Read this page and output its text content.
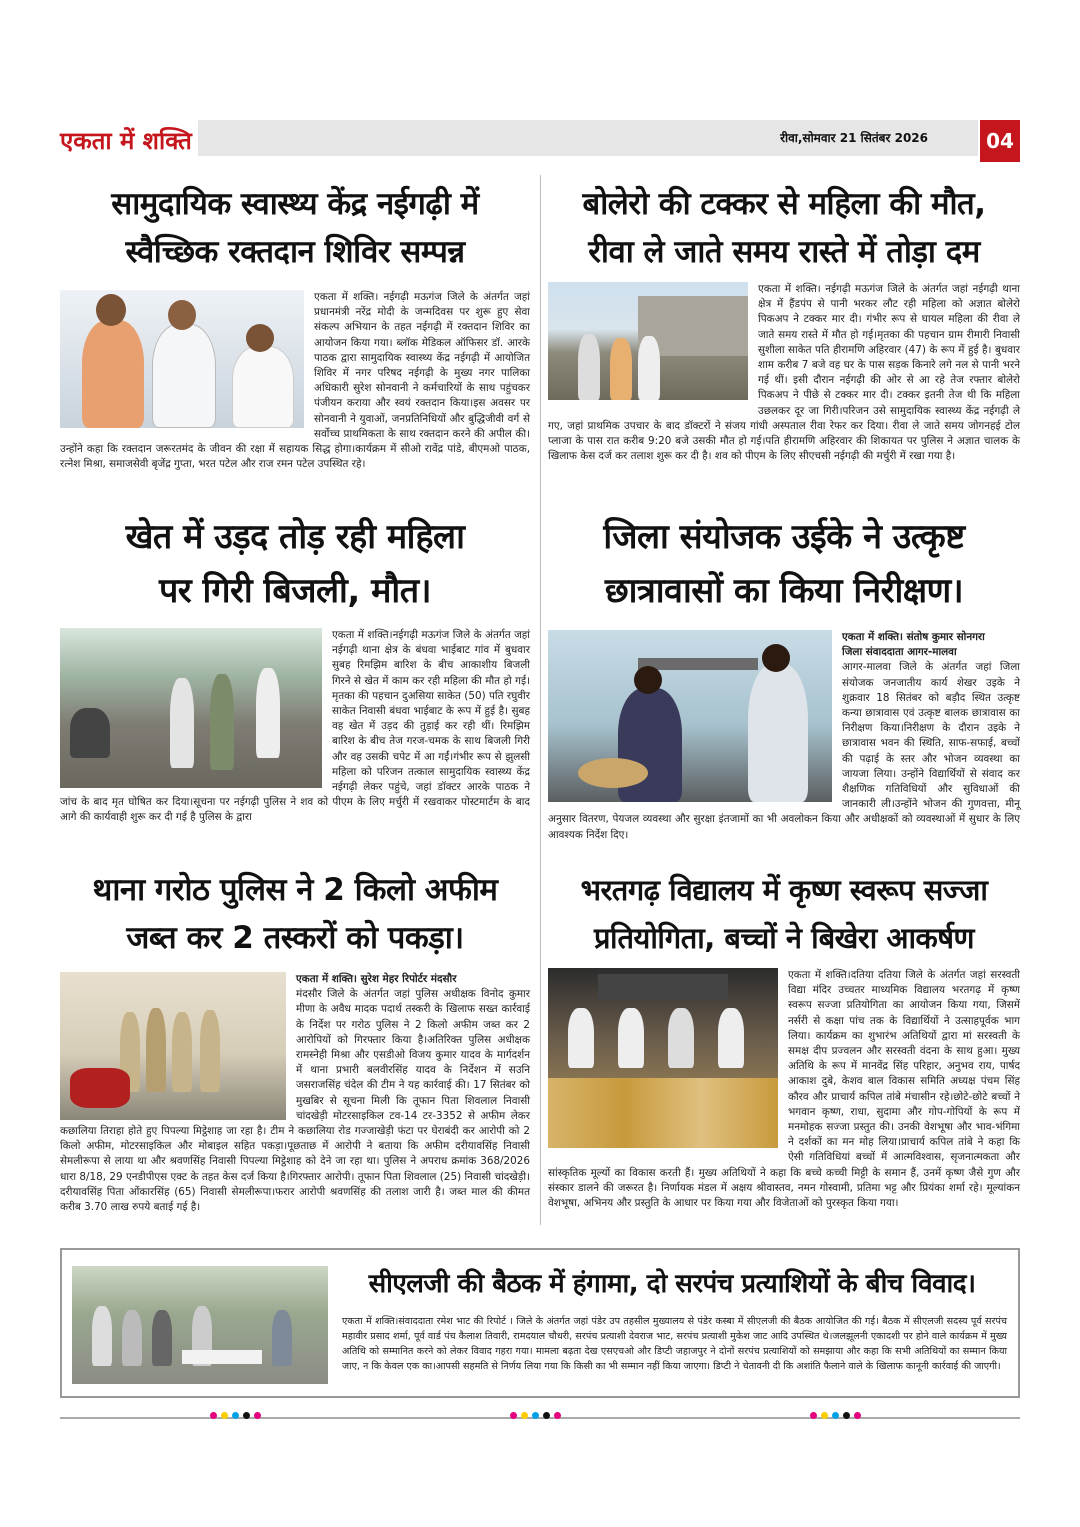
एकता में शक्ति	रीवा,सोमवार 21 सितंबर 2026	04
सामुदायिक स्वास्थ्य केंद्र नईगढ़ी में
स्वैच्छिक रक्तदान शिविर सम्पन्न
एकता में शक्ति। नईगढ़ी मऊगंज जिले के अंतर्गत जहां प्रधानमंत्री नरेंद्र मोदी के जन्मदिवस पर शुरू हुए सेवा संकल्प अभियान के तहत नईगढ़ी में रक्तदान शिविर का आयोजन किया गया। ब्लॉक मेडिकल ऑफिसर डॉ. आरके पाठक द्वारा सामुदायिक स्वास्थ्य केंद्र नईगढ़ी में आयोजित शिविर में नगर परिषद नईगढ़ी के मुख्य नगर पालिका अधिकारी सुरेश सोनवानी ने कर्मचारियों के साथ पहुंचकर पंजीयन कराया और स्वयं रक्तदान किया।इस अवसर पर सोनवानी ने युवाओं, जनप्रतिनिधियों और बुद्धिजीवी वर्ग से सर्वोच्च प्राथमिकता के साथ रक्तदान करने की अपील की। उन्होंने कहा कि रक्तदान जरूरतमंद के जीवन की रक्षा में सहायक सिद्ध होगा।कार्यक्रम में सीओ रावेंद्र पांडे, बीएमओ पाठक, रत्नेश मिश्रा, समाजसेवी बृजेंद्र गुप्ता, भरत पटेल और राज रमन पटेल उपस्थित रहे।
बोलेरो की टक्कर से महिला की मौत,
रीवा ले जाते समय रास्ते में तोड़ा दम
एकता में शक्ति। नईगढ़ी मऊगंज जिले के अंतर्गत जहां नईगढ़ी थाना क्षेत्र में हैंडपंप से पानी भरकर लौट रही महिला को अज्ञात बोलेरो पिकअप ने टक्कर मार दी। गंभीर रूप से घायल महिला की रीवा ले जाते समय रास्ते में मौत हो गई।मृतका की पहचान ग्राम रीमारी निवासी सुशीला साकेत पति हीरामणि अहिरवार (47) के रूप में हुई है। बुधवार शाम करीब 7 बजे वह घर के पास सड़क किनारे लगे नल से पानी भरने गई थीं। इसी दौरान नईगढ़ी की ओर से आ रहे तेज रफ्तार बोलेरो पिकअप ने पीछे से टक्कर मार दी। टक्कर इतनी तेज थी कि महिला उछलकर दूर जा गिरी।परिजन उसे सामुदायिक स्वास्थ्य केंद्र नईगढ़ी ले गए, जहां प्राथमिक उपचार के बाद डॉक्टरों ने संजय गांधी अस्पताल रीवा रेफर कर दिया। रीवा ले जाते समय जोगनहई टोल प्लाजा के पास रात करीब 9:20 बजे उसकी मौत हो गई।पति हीरामणि अहिरवार की शिकायत पर पुलिस ने अज्ञात चालक के खिलाफ केस दर्ज कर तलाश शुरू कर दी है। शव को पीएम के लिए सीएचसी नईगढ़ी की मर्चुरी में रखा गया है।
खेत में उड़द तोड़ रही महिला
पर गिरी बिजली, मौत।
एकता में शक्ति।नईगढ़ी मऊगंज जिले के अंतर्गत जहां नईगढ़ी थाना क्षेत्र के बंधवा भाईबाट गांव में बुधवार सुबह रिमझिम बारिश के बीच आकाशीय बिजली गिरने से खेत में काम कर रही महिला की मौत हो गई। मृतका की पहचान दुअसिया साकेत (50) पति रघुवीर साकेत निवासी बंधवा भाईबाट के रूप में हुई है। सुबह वह खेत में उड़द की तुड़ाई कर रही थीं। रिमझिम बारिश के बीच तेज गरज-चमक के साथ बिजली गिरी और वह उसकी चपेट में आ गईं।गंभीर रूप से झुलसी महिला को परिजन तत्काल सामुदायिक स्वास्थ्य केंद्र नईगढ़ी लेकर पहुंचे, जहां डॉक्टर आरके पाठक ने जांच के बाद मृत घोषित कर दिया।सूचना पर नईगढ़ी पुलिस ने शव को पीएम के लिए मर्चुरी में रखवाकर पोस्टमार्टम के बाद आगे की कार्यवाही शुरू कर दी गई है पुलिस के द्वारा
जिला संयोजक उईके ने उत्कृष्ट
छात्रावासों का किया निरीक्षण।
एकता में शक्ति। संतोष कुमार सोनगरा
जिला संवाददाता आगर-मालवा
आगर-मालवा जिले के अंतर्गत जहां जिला संयोजक जनजातीय कार्य शेखर उइके ने शुक्रवार 18 सितंबर को बड़ौद स्थित उत्कृष्ट कन्या छात्रावास एवं उत्कृष्ट बालक छात्रावास का निरीक्षण किया।निरीक्षण के दौरान उइके ने छात्रावास भवन की स्थिति, साफ-सफाई, बच्चों की पढ़ाई के स्तर और भोजन व्यवस्था का जायजा लिया। उन्होंने विद्यार्थियों से संवाद कर शैक्षणिक गतिविधियों और सुविधाओं की जानकारी ली।उन्होंने भोजन की गुणवत्ता, मीनू अनुसार वितरण, पेयजल व्यवस्था और सुरक्षा इंतजामों का भी अवलोकन किया और अधीक्षकों को व्यवस्थाओं में सुधार के लिए आवश्यक निर्देश दिए।
थाना गरोठ पुलिस ने 2 किलो अफीम
जब्त कर 2 तस्करों को पकड़ा।
एकता में शक्ति। सुरेश मेहर रिपोर्टर मंदसौर
मंदसौर जिले के अंतर्गत जहां पुलिस अधीक्षक विनोद कुमार मीणा के अवैध मादक पदार्थ तस्करी के खिलाफ सख्त कार्रवाई के निर्देश पर गरोठ पुलिस ने 2 किलो अफीम जब्त कर 2 आरोपियों को गिरफ्तार किया है।अतिरिक्त पुलिस अधीक्षक रामस्नेही मिश्रा और एसडीओ विजय कुमार यादव के मार्गदर्शन में थाना प्रभारी बलवीरसिंह यादव के निर्देशन में सउनि जसराजसिंह चंदेल की टीम ने यह कार्रवाई की। 17 सितंबर को मुखबिर से सूचना मिली कि तूफान पिता शिवलाल निवासी चांदखेड़ी मोटरसाइकिल टव-14 टर-3352 से अफीम लेकर कछालिया तिराहा होते हुए पिपल्या मिट्ठेशाह जा रहा है। टीम ने कछालिया रोड गज्जाखेड़ी फंटा पर घेराबंदी कर आरोपी को 2 किलो अफीम, मोटरसाइकिल और मोबाइल सहित पकड़ा।पूछताछ में आरोपी ने बताया कि अफीम दरीयावसिंह निवासी सेमलीरूपा से लाया था और श्रवणसिंह निवासी पिपल्या मिट्ठेशाह को देने जा रहा था। पुलिस ने अपराध क्रमांक 368/2026 धारा 8/18, 29 एनडीपीएस एक्ट के तहत केस दर्ज किया है।गिरफ्तार आरोपी। तूफान पिता शिवलाल (25) निवासी चांदखेड़ी।दरीयावसिंह पिता ओंकारसिंह (65) निवासी सेमलीरूपा।फरार आरोपी श्रवणसिंह की तलाश जारी है। जब्त माल की कीमत करीब 3.70 लाख रुपये बताई गई है।
भरतगढ़ विद्यालय में कृष्ण स्वरूप सज्जा
प्रतियोगिता, बच्चों ने बिखेरा आकर्षण
एकता में शक्ति।दतिया दतिया जिले के अंतर्गत जहां सरस्वती विद्या मंदिर उच्चतर माध्यमिक विद्यालय भरतगढ़ में कृष्ण स्वरूप सज्जा प्रतियोगिता का आयोजन किया गया, जिसमें नर्सरी से कक्षा पांच तक के विद्यार्थियों ने उत्साहपूर्वक भाग लिया। कार्यक्रम का शुभारंभ अतिथियों द्वारा मां सरस्वती के समक्ष दीप प्रज्वलन और सरस्वती वंदना के साथ हुआ। मुख्य अतिथि के रूप में मानवेंद्र सिंह परिहार, अनुभव राय, पार्षद आकाश दुबे, केशव बाल विकास समिति अध्यक्ष पंचम सिंह कौरव और प्राचार्य कपिल तांबे मंचासीन रहे।छोटे-छोटे बच्चों ने भगवान कृष्ण, राधा, सुदामा और गोप-गोपियों के रूप में मनमोहक सज्जा प्रस्तुत की। उनकी वेशभूषा और भाव-भंगिमा ने दर्शकों का मन मोह लिया।प्राचार्य कपिल तांबे ने कहा कि ऐसी गतिविधियां बच्चों में आत्मविश्वास, सृजनात्मकता और सांस्कृतिक मूल्यों का विकास करती हैं। मुख्य अतिथियों ने कहा कि बच्चे कच्ची मिट्टी के समान हैं, उनमें कृष्ण जैसे गुण और संस्कार डालने की जरूरत है। निर्णायक मंडल में अक्षय श्रीवास्तव, नमन गोस्वामी, प्रतिमा भट्ट और प्रियंका शर्मा रहे। मूल्यांकन वेशभूषा, अभिनय और प्रस्तुति के आधार पर किया गया और विजेताओं को पुरस्कृत किया गया।
सीएलजी की बैठक में हंगामा, दो सरपंच प्रत्याशियों के बीच विवाद।
एकता में शक्ति।संवाददाता रमेश भाट की रिपोर्ट । जिले के अंतर्गत जहां पंडेर उप तहसील मुख्यालय से पंडेर कस्बा में सीएलजी की बैठक आयोजित की गई। बैठक में सीएलजी सदस्य पूर्व सरपंच महावीर प्रसाद शर्मा, पूर्व वार्ड पंच कैलाश तिवारी, रामदयाल चौधरी, सरपंच प्रत्याशी देवराज भाट, सरपंच प्रत्याशी मुकेश जाट आदि उपस्थित थे।जलझूलनी एकादशी पर होने वाले कार्यक्रम में मुख्य अतिथि को सम्मानित करने को लेकर विवाद गहरा गया। मामला बढ़ता देख एसएचओ और डिप्टी जहाजपुर ने दोनों सरपंच प्रत्याशियों को समझाया और कहा कि सभी अतिथियों का सम्मान किया जाए, न कि केवल एक का।आपसी सहमति से निर्णय लिया गया कि किसी का भी सम्मान नहीं किया जाएगा। डिप्टी ने चेतावनी दी कि अशांति फैलाने वाले के खिलाफ कानूनी कार्रवाई की जाएगी।
